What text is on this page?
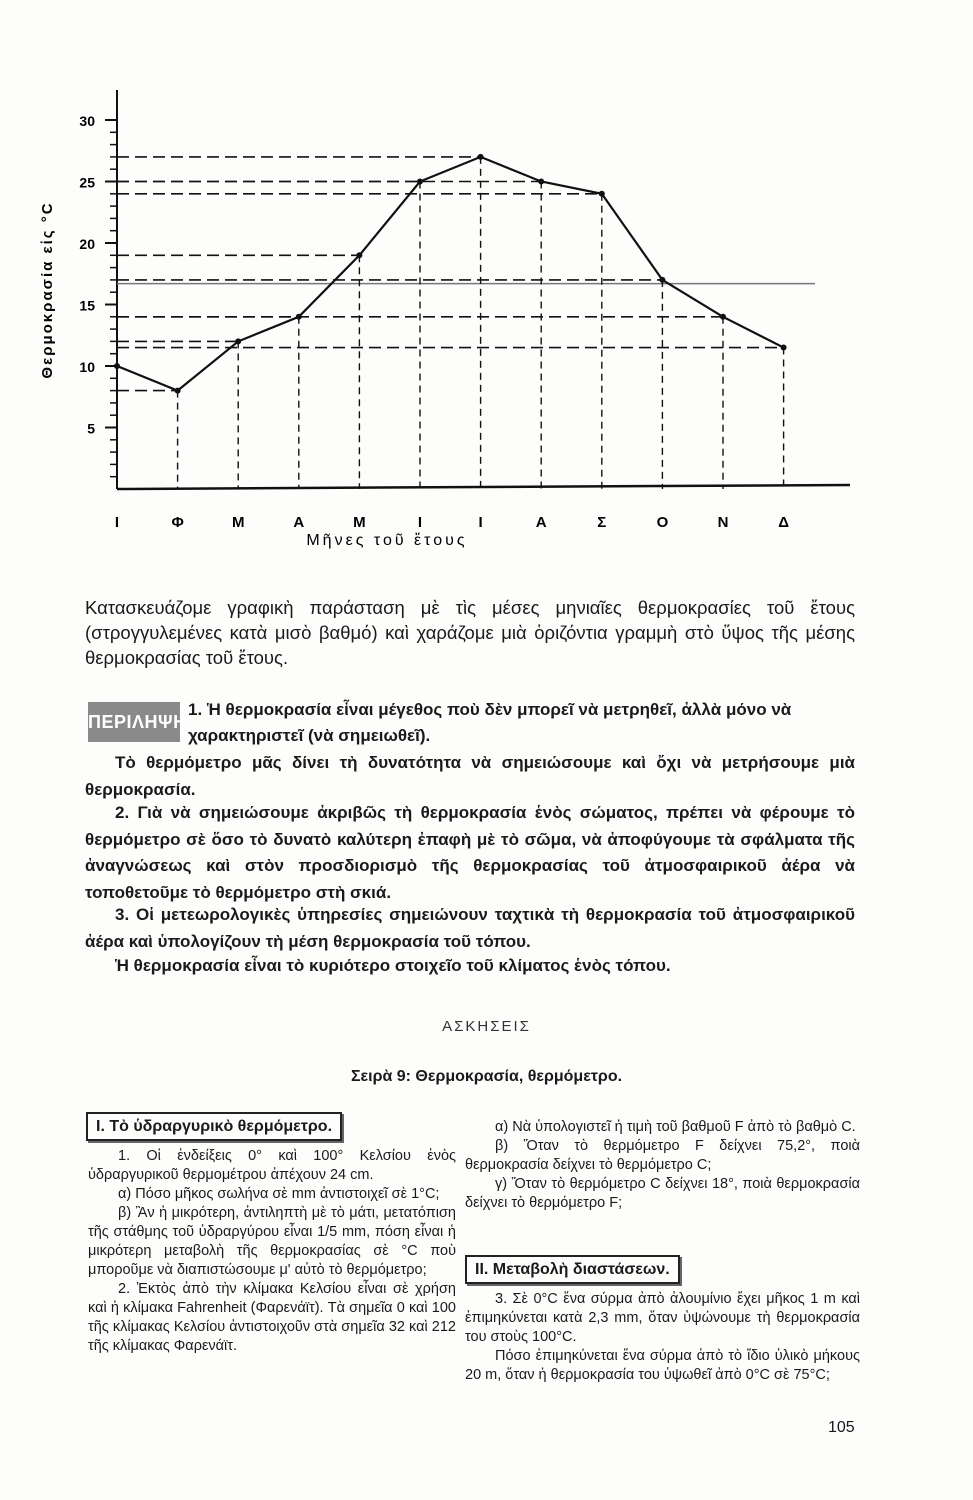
5
10
15
20
25
30
Ι	Φ	Μ	Α	Μ	Ι	Ι	Α	Σ	Ο	Ν	Δ
Θερμοκρασία εἰς °C
Μῆνες τοῦ ἔτους
Κατασκευάζομε γραφικὴ παράσταση μὲ τὶς μέσες μηνιαῖες θερμοκρασίες τοῦ ἔτους (στρογγυλεμένες κατὰ μισὸ βαθμό) καὶ χαράζομε μιὰ ὁριζόντια γραμμὴ στὸ ὕψος τῆς μέσης θερμοκρασίας τοῦ ἔτους.
ΠΕΡΙΛΗΨΗ
1. Ἡ θερμοκρασία εἶναι μέγεθος ποὺ δὲν μπορεῖ νὰ μετρηθεῖ, ἀλλὰ μόνο νὰ χαρακτηριστεῖ (νὰ σημειωθεῖ).
Τὸ θερμόμετρο μᾶς δίνει τὴ δυνατότητα νὰ σημειώσουμε καὶ ὄχι νὰ μετρήσουμε μιὰ θερμοκρασία.
2. Γιὰ νὰ σημειώσουμε ἀκριβῶς τὴ θερμοκρασία ἑνὸς σώματος, πρέπει νὰ φέρουμε τὸ θερμόμετρο σὲ ὅσο τὸ δυνατὸ καλύτερη ἐπαφὴ μὲ τὸ σῶμα, νὰ ἀποφύγουμε τὰ σφάλματα τῆς ἀναγνώσεως καὶ στὸν προσδιορισμὸ τῆς θερμοκρασίας τοῦ ἀτμοσφαιρικοῦ ἀέρα νὰ τοποθετοῦμε τὸ θερμόμετρο στὴ σκιά.
3. Οἱ μετεωρολογικὲς ὑπηρεσίες σημειώνουν ταχτικὰ τὴ θερμοκρασία τοῦ ἀτμοσφαιρικοῦ ἀέρα καὶ ὑπολογίζουν τὴ μέση θερμοκρασία τοῦ τόπου.
Ἡ θερμοκρασία εἶναι τὸ κυριότερο στοιχεῖο τοῦ κλίματος ἑνὸς τόπου.
ΑΣΚΗΣΕΙΣ
Σειρὰ 9: Θερμοκρασία, θερμόμετρο.
I. Τὸ ὑδραργυρικὸ θερμόμετρο.

1. Οἱ ἐνδείξεις 0° καὶ 100° Κελσίου ἑνὸς ὑδραργυρικοῦ θερμομέτρου ἀπέχουν 24 cm.

α) Πόσο μῆκος σωλήνα σὲ mm ἀντιστοιχεῖ σὲ 1°C;

β) Ἂν ἡ μικρότερη, ἀντιληπτὴ μὲ τὸ μάτι, μετατόπιση τῆς στάθμης τοῦ ὑδραργύρου εἶναι 1/5 mm, πόση εἶναι ἡ μικρότερη μεταβολὴ τῆς θερμοκρασίας σὲ °C ποὺ μποροῦμε νὰ διαπιστώσουμε μ' αὐτὸ τὸ θερμόμετρο;

2. Ἐκτὸς ἀπὸ τὴν κλίμακα Κελσίου εἶναι σὲ χρήση καὶ ἡ κλίμακα Fahrenheit (Φαρενάϊτ). Τὰ σημεῖα 0 καὶ 100 τῆς κλίμακας Κελσίου ἀντιστοιχοῦν στὰ σημεῖα 32 καὶ 212 τῆς κλίμακας Φαρενάϊτ.

α) Νὰ ὑπολογιστεῖ ἡ τιμὴ τοῦ βαθμοῦ F ἀπὸ τὸ βαθμὸ C.

β) Ὅταν τὸ θερμόμετρο F δείχνει 75,2°, ποιὰ θερμοκρασία δείχνει τὸ θερμόμετρο C;

γ) Ὅταν τὸ θερμόμετρο C δείχνει 18°, ποιὰ θερμοκρασία δείχνει τὸ θερμόμετρο F;

II. Μεταβολὴ διαστάσεων.

3. Σὲ 0°C ἕνα σύρμα ἀπὸ ἀλουμίνιο ἔχει μῆκος 1 m καὶ ἐπιμηκύνεται κατὰ 2,3 mm, ὅταν ὑψώνουμε τὴ θερμοκρασία του στοὺς 100°C.

Πόσο ἐπιμηκύνεται ἕνα σύρμα ἀπὸ τὸ ἴδιο ὑλικὸ μήκους 20 m, ὅταν ἡ θερμοκρασία του ὑψωθεῖ ἀπὸ 0°C σὲ 75°C;

105
